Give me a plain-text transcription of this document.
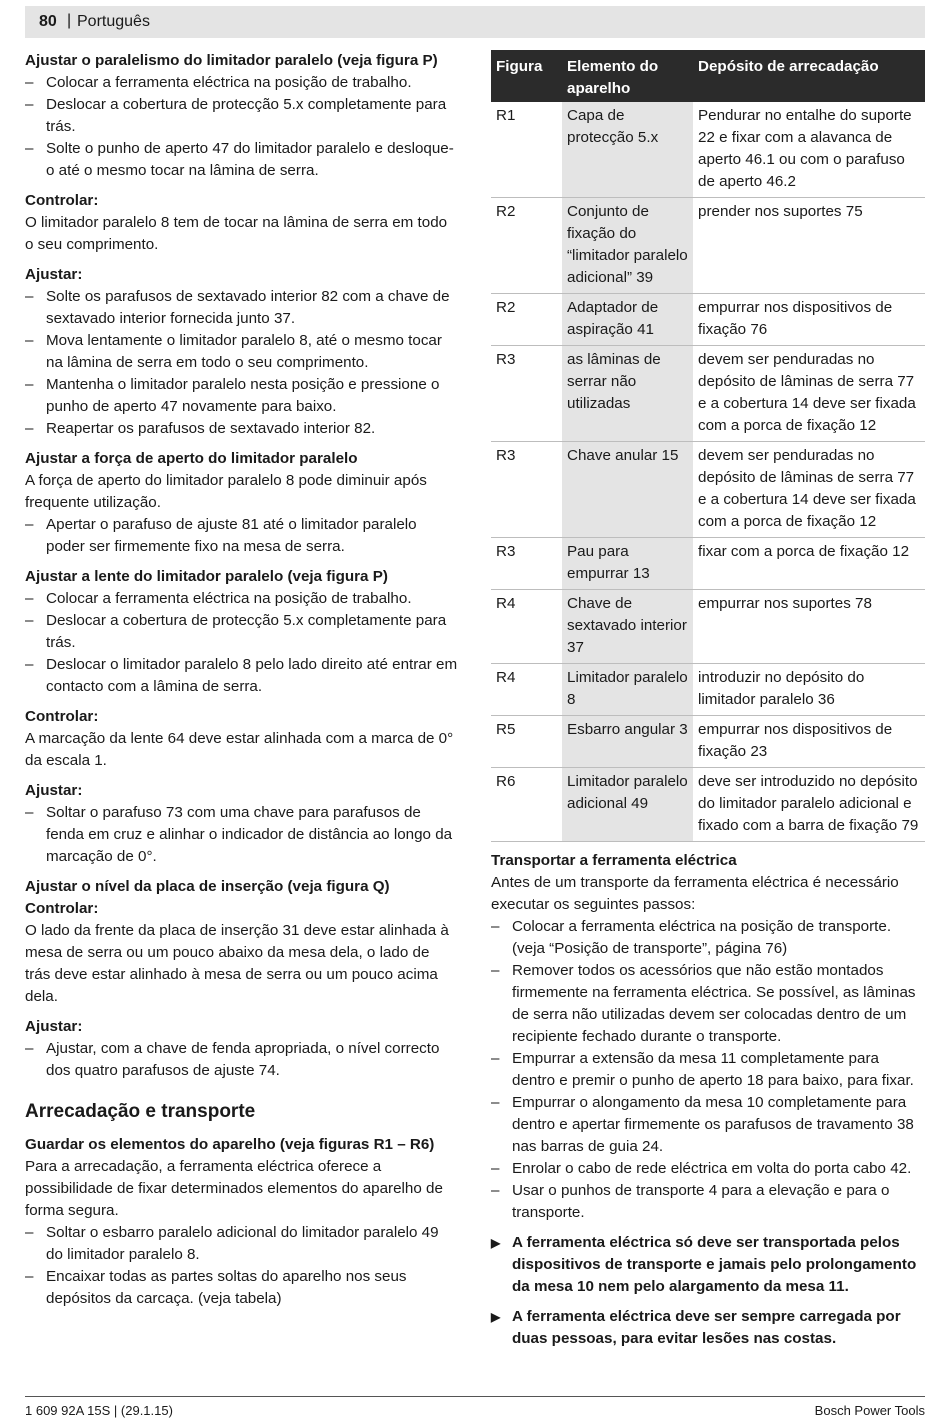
80 | Português
Ajustar o paralelismo do limitador paralelo (veja figura P)
– Colocar a ferramenta eléctrica na posição de trabalho.
– Deslocar a cobertura de protecção 5.x completamente para trás.
– Solte o punho de aperto 47 do limitador paralelo e desloque-o até o mesmo tocar na lâmina de serra.
Controlar:
O limitador paralelo 8 tem de tocar na lâmina de serra em todo o seu comprimento.
Ajustar:
– Solte os parafusos de sextavado interior 82 com a chave de sextavado interior fornecida junto 37.
– Mova lentamente o limitador paralelo 8, até o mesmo tocar na lâmina de serra em todo o seu comprimento.
– Mantenha o limitador paralelo nesta posição e pressione o punho de aperto 47 novamente para baixo.
– Reapertar os parafusos de sextavado interior 82.
Ajustar a força de aperto do limitador paralelo
A força de aperto do limitador paralelo 8 pode diminuir após frequente utilização.
– Apertar o parafuso de ajuste 81 até o limitador paralelo poder ser firmemente fixo na mesa de serra.
Ajustar a lente do limitador paralelo (veja figura P)
– Colocar a ferramenta eléctrica na posição de trabalho.
– Deslocar a cobertura de protecção 5.x completamente para trás.
– Deslocar o limitador paralelo 8 pelo lado direito até entrar em contacto com a lâmina de serra.
Controlar:
A marcação da lente 64 deve estar alinhada com a marca de 0° da escala 1.
Ajustar:
– Soltar o parafuso 73 com uma chave para parafusos de fenda em cruz e alinhar o indicador de distância ao longo da marcação de 0°.
Ajustar o nível da placa de inserção (veja figura Q)
Controlar:
O lado da frente da placa de inserção 31 deve estar alinhada à mesa de serra ou um pouco abaixo da mesa dela, o lado de trás deve estar alinhado à mesa de serra ou um pouco acima dela.
Ajustar:
– Ajustar, com a chave de fenda apropriada, o nível correcto dos quatro parafusos de ajuste 74.
Arrecadação e transporte
Guardar os elementos do aparelho (veja figuras R1 – R6)
Para a arrecadação, a ferramenta eléctrica oferece a possibilidade de fixar determinados elementos do aparelho de forma segura.
– Soltar o esbarro paralelo adicional do limitador paralelo 49 do limitador paralelo 8.
– Encaixar todas as partes soltas do aparelho nos seus depósitos da carcaça. (veja tabela)
Figura	Elemento do aparelho	Depósito de arrecadação
R1	Capa de protecção 5.x	Pendurar no entalhe do suporte 22 e fixar com a alavanca de aperto 46.1 ou com o parafuso de aperto 46.2
R2	Conjunto de fixação do “limitador paralelo adicional” 39	prender nos suportes 75
R2	Adaptador de aspiração 41	empurrar nos dispositivos de fixação 76
R3	as lâminas de serrar não utilizadas	devem ser penduradas no depósito de lâminas de serra 77 e a cobertura 14 deve ser fixada com a porca de fixação 12
R3	Chave anular 15	devem ser penduradas no depósito de lâminas de serra 77 e a cobertura 14 deve ser fixada com a porca de fixação 12
R3	Pau para empurrar 13	fixar com a porca de fixação 12
R4	Chave de sextavado interior 37	empurrar nos suportes 78
R4	Limitador paralelo 8	introduzir no depósito do limitador paralelo 36
R5	Esbarro angular 3	empurrar nos dispositivos de fixação 23
R6	Limitador paralelo adicional 49	deve ser introduzido no depósito do limitador paralelo adicional e fixado com a barra de fixação 79
Transportar a ferramenta eléctrica
Antes de um transporte da ferramenta eléctrica é necessário executar os seguintes passos:
– Colocar a ferramenta eléctrica na posição de transporte. (veja “Posição de transporte”, página 76)
– Remover todos os acessórios que não estão montados firmemente na ferramenta eléctrica. Se possível, as lâminas de serra não utilizadas devem ser colocadas dentro de um recipiente fechado durante o transporte.
– Empurrar a extensão da mesa 11 completamente para dentro e premir o punho de aperto 18 para baixo, para fixar.
– Empurrar o alongamento da mesa 10 completamente para dentro e apertar firmemente os parafusos de travamento 38 nas barras de guia 24.
– Enrolar o cabo de rede eléctrica em volta do porta cabo 42.
– Usar o punhos de transporte 4 para a elevação e para o transporte.
▶ A ferramenta eléctrica só deve ser transportada pelos dispositivos de transporte e jamais pelo prolongamento da mesa 10 nem pelo alargamento da mesa 11.
▶ A ferramenta eléctrica deve ser sempre carregada por duas pessoas, para evitar lesões nas costas.
1 609 92A 15S | (29.1.15)	Bosch Power Tools
